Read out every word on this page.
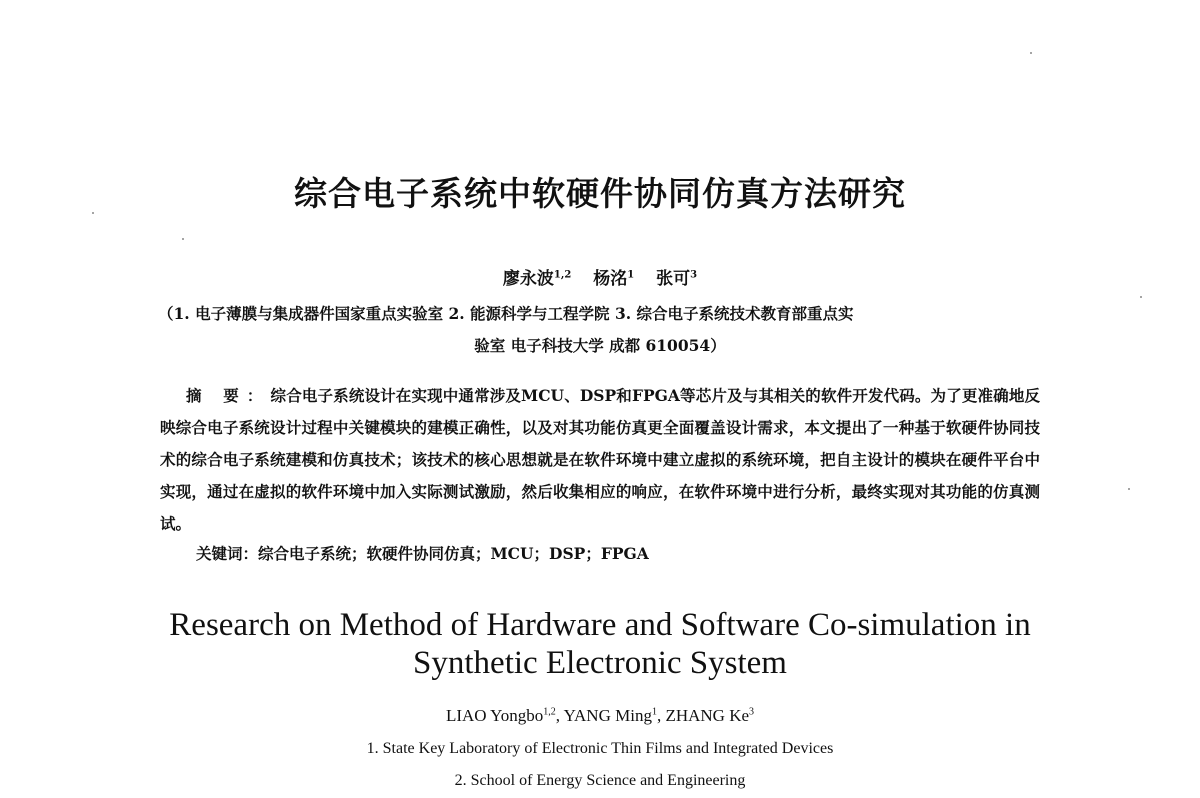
综合电子系统中软硬件协同仿真方法研究
廖永波$^{1,2}$ 杨洺$^1$ 张可$^3$
（1. 电子薄膜与集成器件国家重点实验室 2. 能源科学与工程学院 3. 综合电子系统技术教育部重点实
验室 电子科技大学 成都 610054）
摘 要：综合电子系统设计在实现中通常涉及MCU、DSP和FPGA等芯片及与其相关的软件开发代码。为了更准确地反映综合电子系统设计过程中关键模块的建模正确性，以及对其功能仿真更全面覆盖设计需求，本文提出了一种基于软硬件协同技术的综合电子系统建模和仿真技术；该技术的核心思想就是在软件环境中建立虚拟的系统环境，把自主设计的模块在硬件平台中实现，通过在虚拟的软件环境中加入实际测试激励，然后收集相应的响应，在软件环境中进行分析，最终实现对其功能的仿真测试。
关键词：综合电子系统；软硬件协同仿真；MCU；DSP；FPGA
Research on Method of Hardware and Software Co-simulation in
Synthetic Electronic System
LIAO Yongbo$^{1,2}$, YANG Ming$^1$, ZHANG Ke$^3$
1. State Key Laboratory of Electronic Thin Films and Integrated Devices
2. School of Energy Science and Engineering
